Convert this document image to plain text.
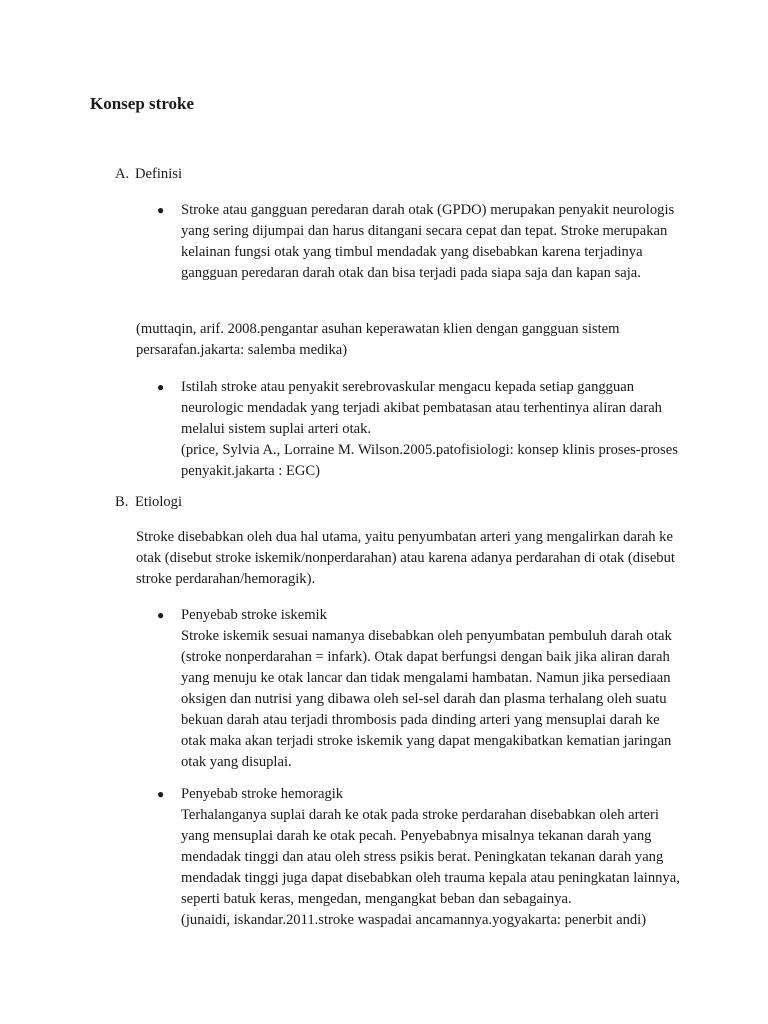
Konsep stroke
A. Definisi
●	Stroke atau gangguan peredaran darah otak (GPDO) merupakan penyakit neurologis yang sering dijumpai dan harus ditangani secara cepat dan tepat. Stroke merupakan kelainan fungsi otak yang timbul mendadak yang disebabkan karena terjadinya gangguan peredaran darah otak dan bisa terjadi pada siapa saja dan kapan saja.

(muttaqin, arif. 2008.pengantar asuhan keperawatan klien dengan gangguan sistem persarafan.jakarta: salemba medika)

●	Istilah stroke atau penyakit serebrovaskular mengacu kepada setiap gangguan neurologic mendadak yang terjadi akibat pembatasan atau terhentinya aliran darah melalui sistem suplai arteri otak.
(price, Sylvia A., Lorraine M. Wilson.2005.patofisiologi: konsep klinis proses-proses penyakit.jakarta : EGC)
B. Etiologi

Stroke disebabkan oleh dua hal utama, yaitu penyumbatan arteri yang mengalirkan darah ke otak (disebut stroke iskemik/nonperdarahan) atau karena adanya perdarahan di otak (disebut stroke perdarahan/hemoragik).

●	Penyebab stroke iskemik
Stroke iskemik sesuai namanya disebabkan oleh penyumbatan pembuluh darah otak (stroke nonperdarahan = infark). Otak dapat berfungsi dengan baik jika aliran darah yang menuju ke otak lancar dan tidak mengalami hambatan. Namun jika persediaan oksigen dan nutrisi yang dibawa oleh sel-sel darah dan plasma terhalang oleh suatu bekuan darah atau terjadi thrombosis pada dinding arteri yang mensuplai darah ke otak maka akan terjadi stroke iskemik yang dapat mengakibatkan kematian jaringan otak yang disuplai.
●	Penyebab stroke hemoragik
Terhalanganya suplai darah ke otak pada stroke perdarahan disebabkan oleh arteri yang mensuplai darah ke otak pecah. Penyebabnya misalnya tekanan darah yang mendadak tinggi dan atau oleh stress psikis berat. Peningkatan tekanan darah yang mendadak tinggi juga dapat disebabkan oleh trauma kepala atau peningkatan lainnya, seperti batuk keras, mengedan, mengangkat beban dan sebagainya.
(junaidi, iskandar.2011.stroke waspadai ancamannya.yogyakarta: penerbit andi)
